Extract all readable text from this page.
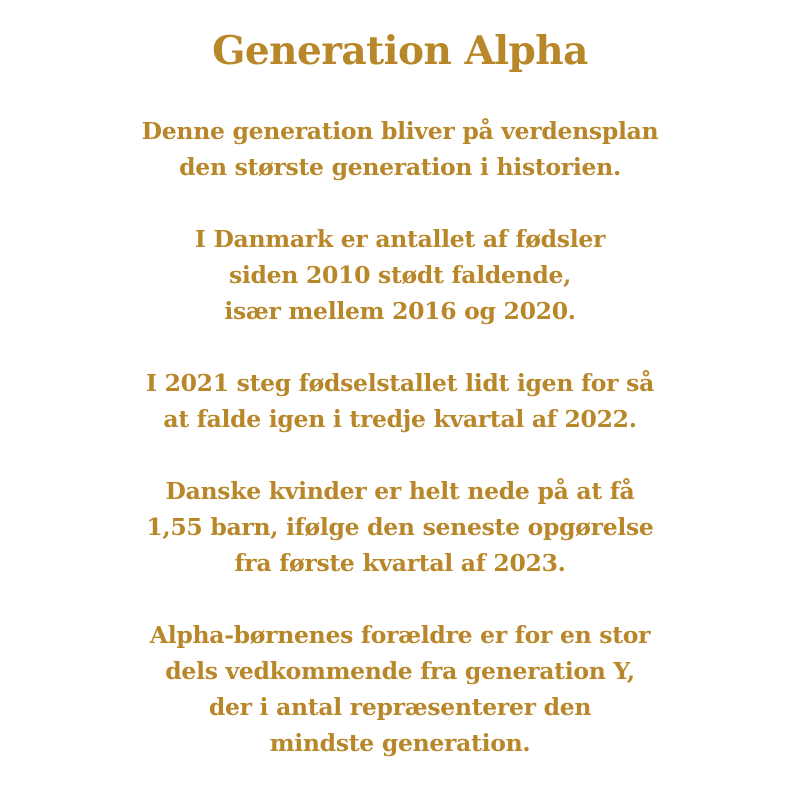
Generation Alpha

Denne generation bliver på verdensplan
den største generation i historien.

I Danmark er antallet af fødsler
siden 2010 stødt faldende,
især mellem 2016 og 2020.

I 2021 steg fødselstallet lidt igen for så
at falde igen i tredje kvartal af 2022.

Danske kvinder er helt nede på at få
1,55 barn, ifølge den seneste opgørelse
fra første kvartal af 2023.

Alpha-børnenes forældre er for en stor
dels vedkommende fra generation Y,
der i antal repræsenterer den
mindste generation.
